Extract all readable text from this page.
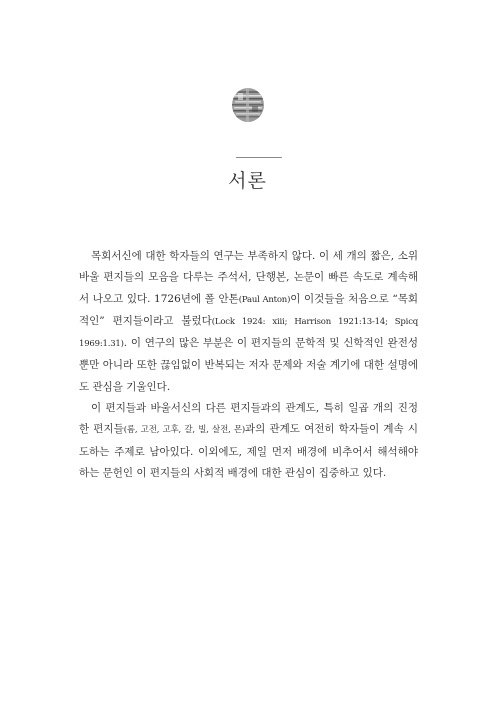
서론

목회서신에 대한 학자들의 연구는 부족하지 않다. 이 세 개의 짧은, 소위 바울 편지들의 모음을 다루는 주석서, 단행본, 논문이 빠른 속도로 계속해서 나오고 있다. 1726년에 폴 안톤(Paul Anton)이 이것들을 처음으로 “목회적인” 편지들이라고 불렀다(Lock 1924: xiii; Harrison 1921:13-14; Spicq 1969:1.31). 이 연구의 많은 부분은 이 편지들의 문학적 및 신학적인 완전성뿐만 아니라 또한 끊임없이 반복되는 저자 문제와 저술 계기에 대한 설명에도 관심을 기울인다.

이 편지들과 바울서신의 다른 편지들과의 관계도, 특히 일곱 개의 진정한 편지들(롬, 고전, 고후, 갈, 빌, 살전, 몬)과의 관계도 여전히 학자들이 계속 시도하는 주제로 남아있다. 이외에도, 제일 먼저 배경에 비추어서 해석해야 하는 문헌인 이 편지들의 사회적 배경에 대한 관심이 집중하고 있다.
